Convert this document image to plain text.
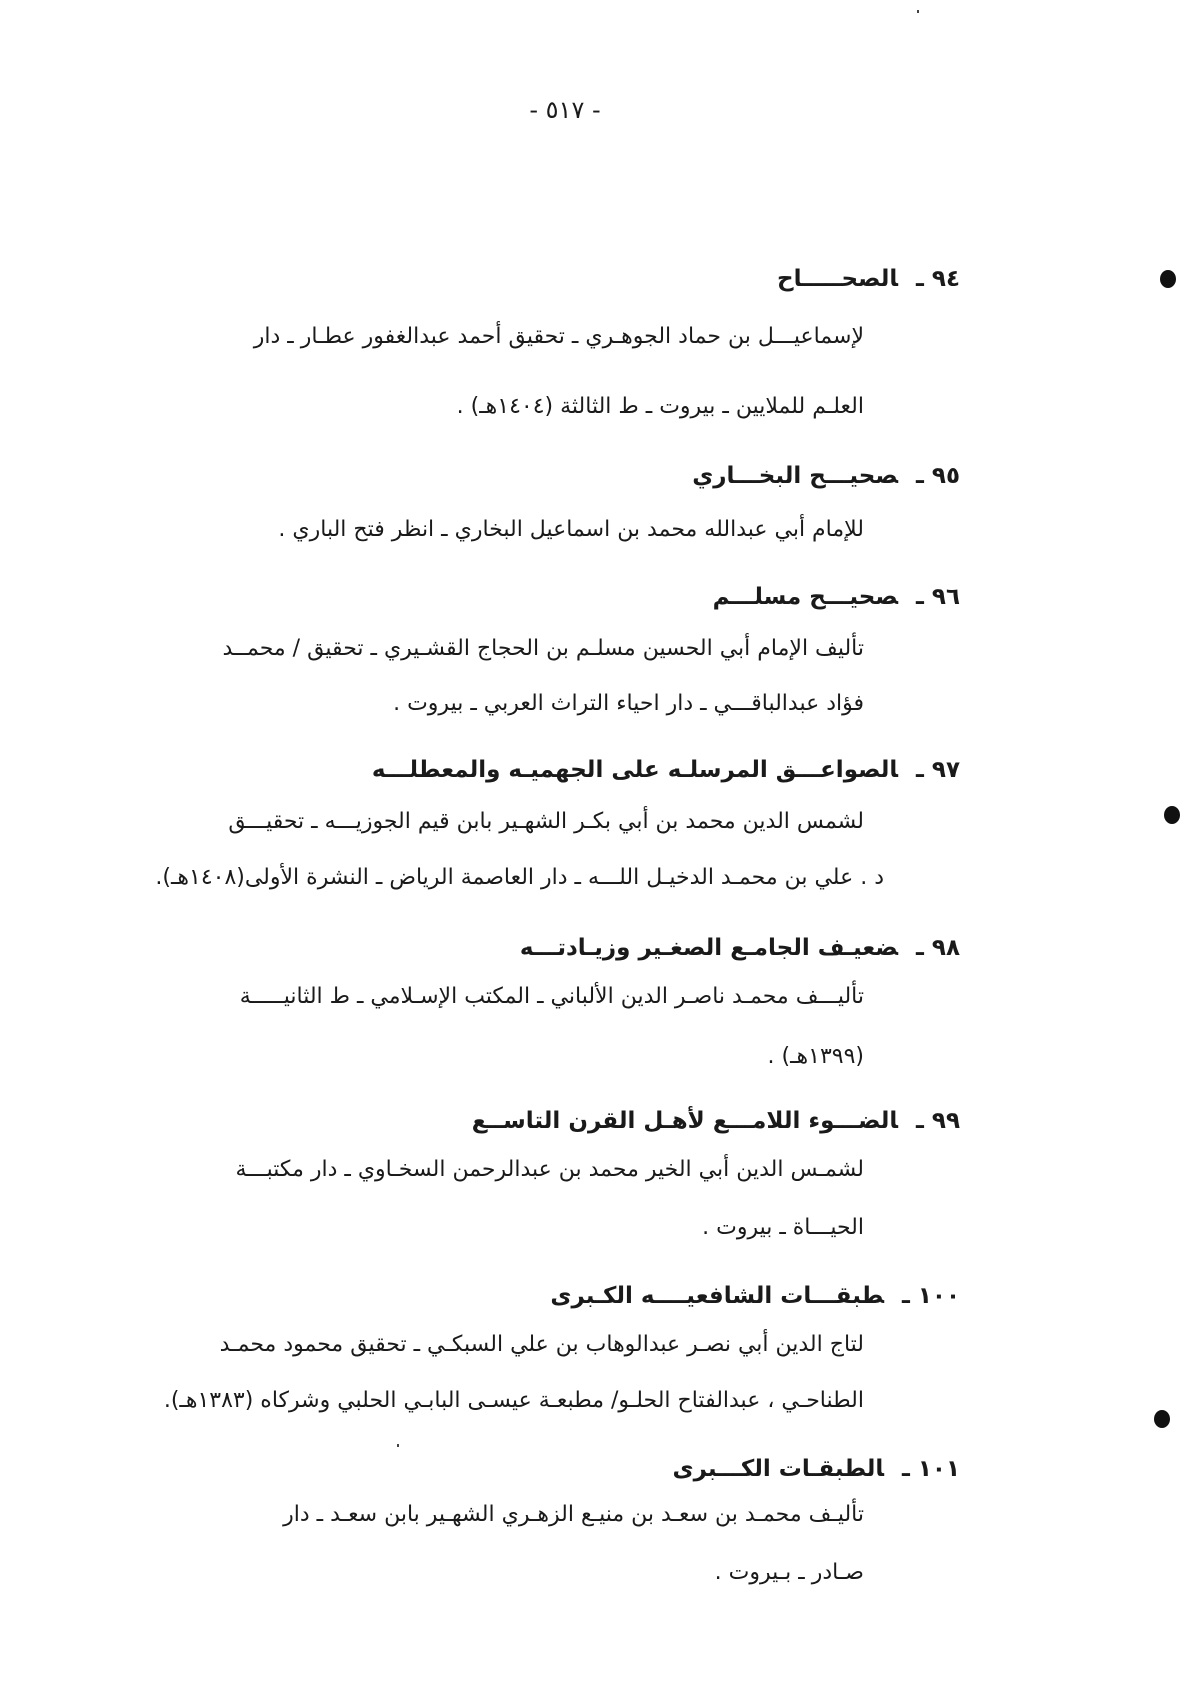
- ٥١٧ -
٩٤ ـالصحـــــاح
لإسماعيـــل بن حماد الجوهـري ـ تحقيق أحمد عبدالغفور عطـار ـ دار
العلـم للملايين ـ بيروت ـ ط الثالثة (١٤٠٤هـ) .
٩٥ ـصحيـــح البخـــاري
للإمام أبي عبدالله محمد بن اسماعيل البخاري ـ انظر فتح الباري .
٩٦ ـصحيـــح مسلـــم
تأليف الإمام أبي الحسين مسلـم بن الحجاج القشـيري ـ تحقيق / محمــد
فؤاد عبدالباقـــي ـ دار احياء التراث العربي ـ بيروت .
٩٧ ـالصواعـــق المرسلـه على الجهميـه والمعطلـــه
لشمس الدين محمد بن أبي بكـر الشهـير بابن قيم الجوزيـــه ـ تحقيـــق
د . علي بن محمـد الدخيـل اللـــه ـ دار العاصمة الرياض ـ النشرة الأولى(١٤٠٨هـ).
٩٨ ـضعيـف الجامـع الصغـير وزيـادتـــه
تأليـــف محمـد ناصـر الدين الألباني ـ المكتب الإسـلامي ـ ط الثانيـــــة
(١٣٩٩هـ) .
٩٩ ـالضـــوء اللامـــع لأهـل القرن التاســع
لشمـس الدين أبي الخير محمد بن عبدالرحمن السخـاوي ـ دار مكتبـــة
الحيـــاة ـ بيروت .
١٠٠ ـطبقـــات الشافعيــــه الكـبرى
لتاج الدين أبي نصـر عبدالوهاب بن علي السبكـي ـ تحقيق محمود محمـد
الطناحـي ، عبدالفتاح الحلـو/ مطبعـة عيسـى البابـي الحلبي وشركاه (١٣٨٣هـ).
١٠١ ـالطبقـات الكـــبرى
تأليـف محمـد بن سعـد بن منيـع الزهـري الشهـير بابن سعـد ـ دار
صـادر ـ بـيروت .
